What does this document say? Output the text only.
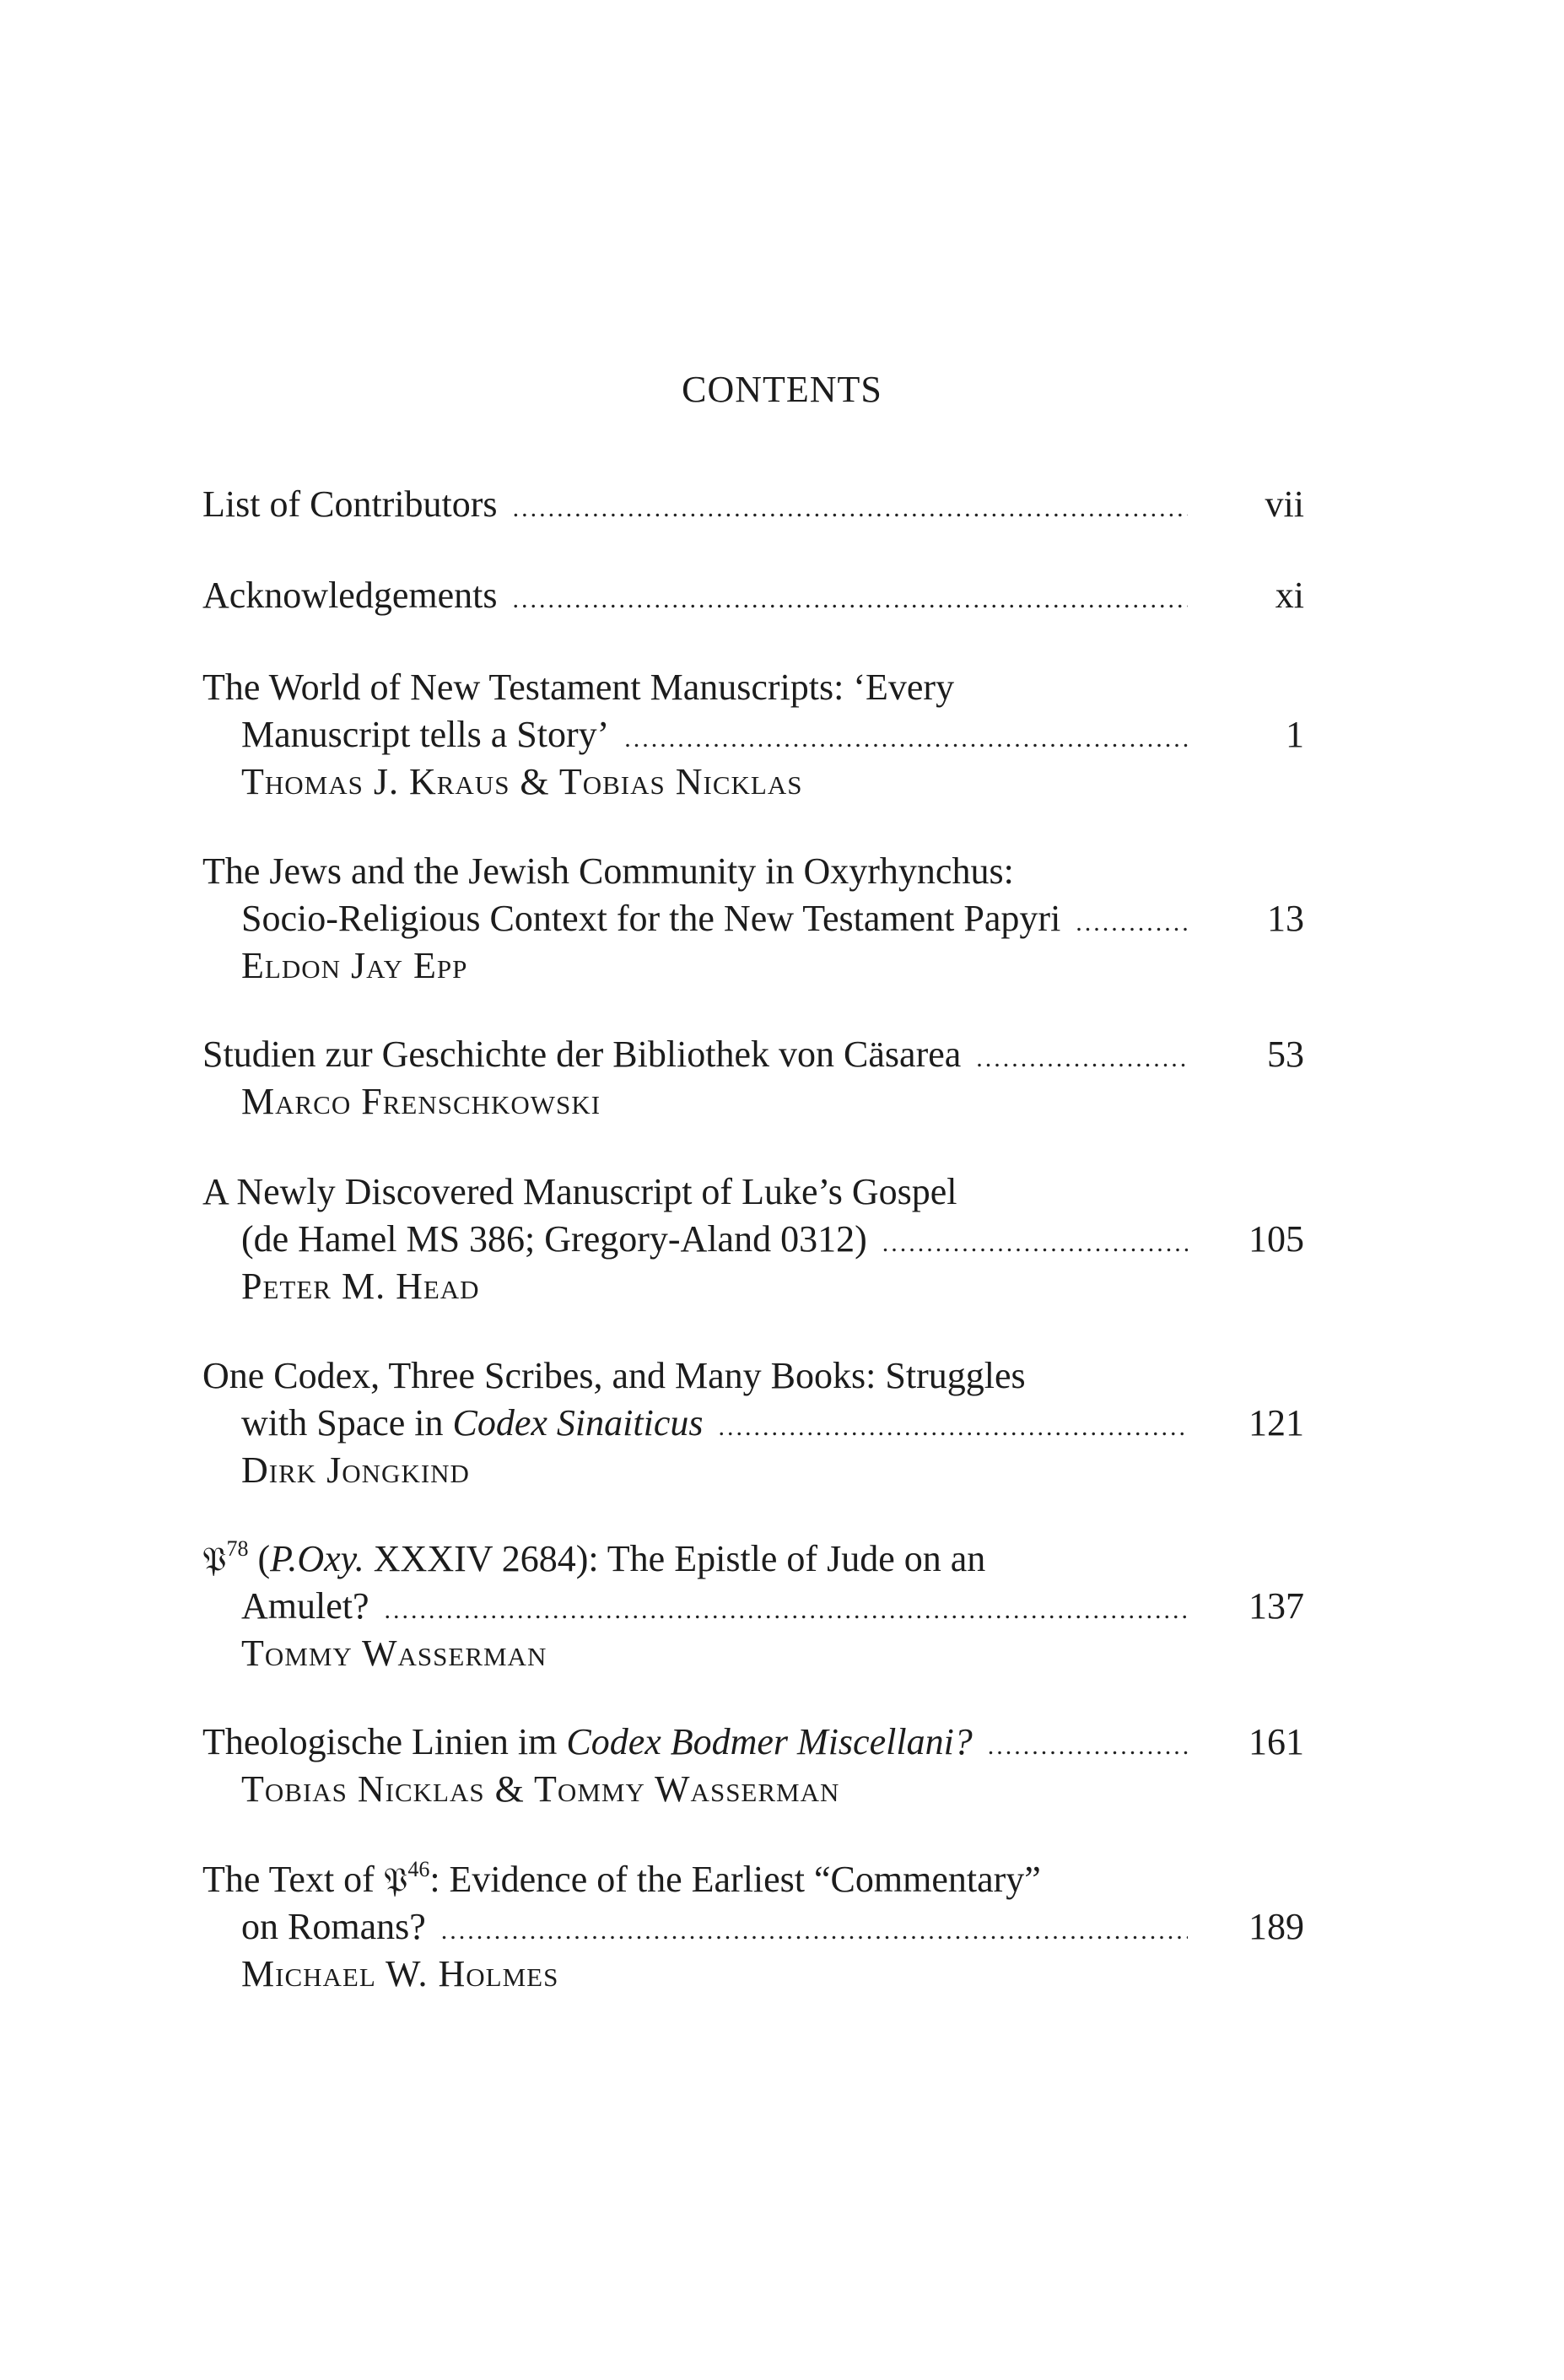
CONTENTS
List of Contributors .....	vii
Acknowledgements .....	xi
The World of New Testament Manuscripts: ‘Every
Manuscript tells a Story’ .....	1
Thomas J. Kraus & Tobias Nicklas
The Jews and the Jewish Community in Oxyrhynchus:
Socio-Religious Context for the New Testament Papyri .....	13
Eldon Jay Epp
Studien zur Geschichte der Bibliothek von Cäsarea .....	53
Marco Frenschkowski
A Newly Discovered Manuscript of Luke’s Gospel
(de Hamel MS 386; Gregory-Aland 0312) .....	105
Peter M. Head
One Codex, Three Scribes, and Many Books: Struggles
with Space in Codex Sinaiticus .....	121
Dirk Jongkind
𝔓$^{78}$ (P.Oxy. XXXIV 2684): The Epistle of Jude on an
Amulet? .....	137
Tommy Wasserman
Theologische Linien im Codex Bodmer Miscellani? .....	161
Tobias Nicklas & Tommy Wasserman
The Text of 𝔓$^{46}$: Evidence of the Earliest “Commentary”
on Romans? .....	189
Michael W. Holmes
